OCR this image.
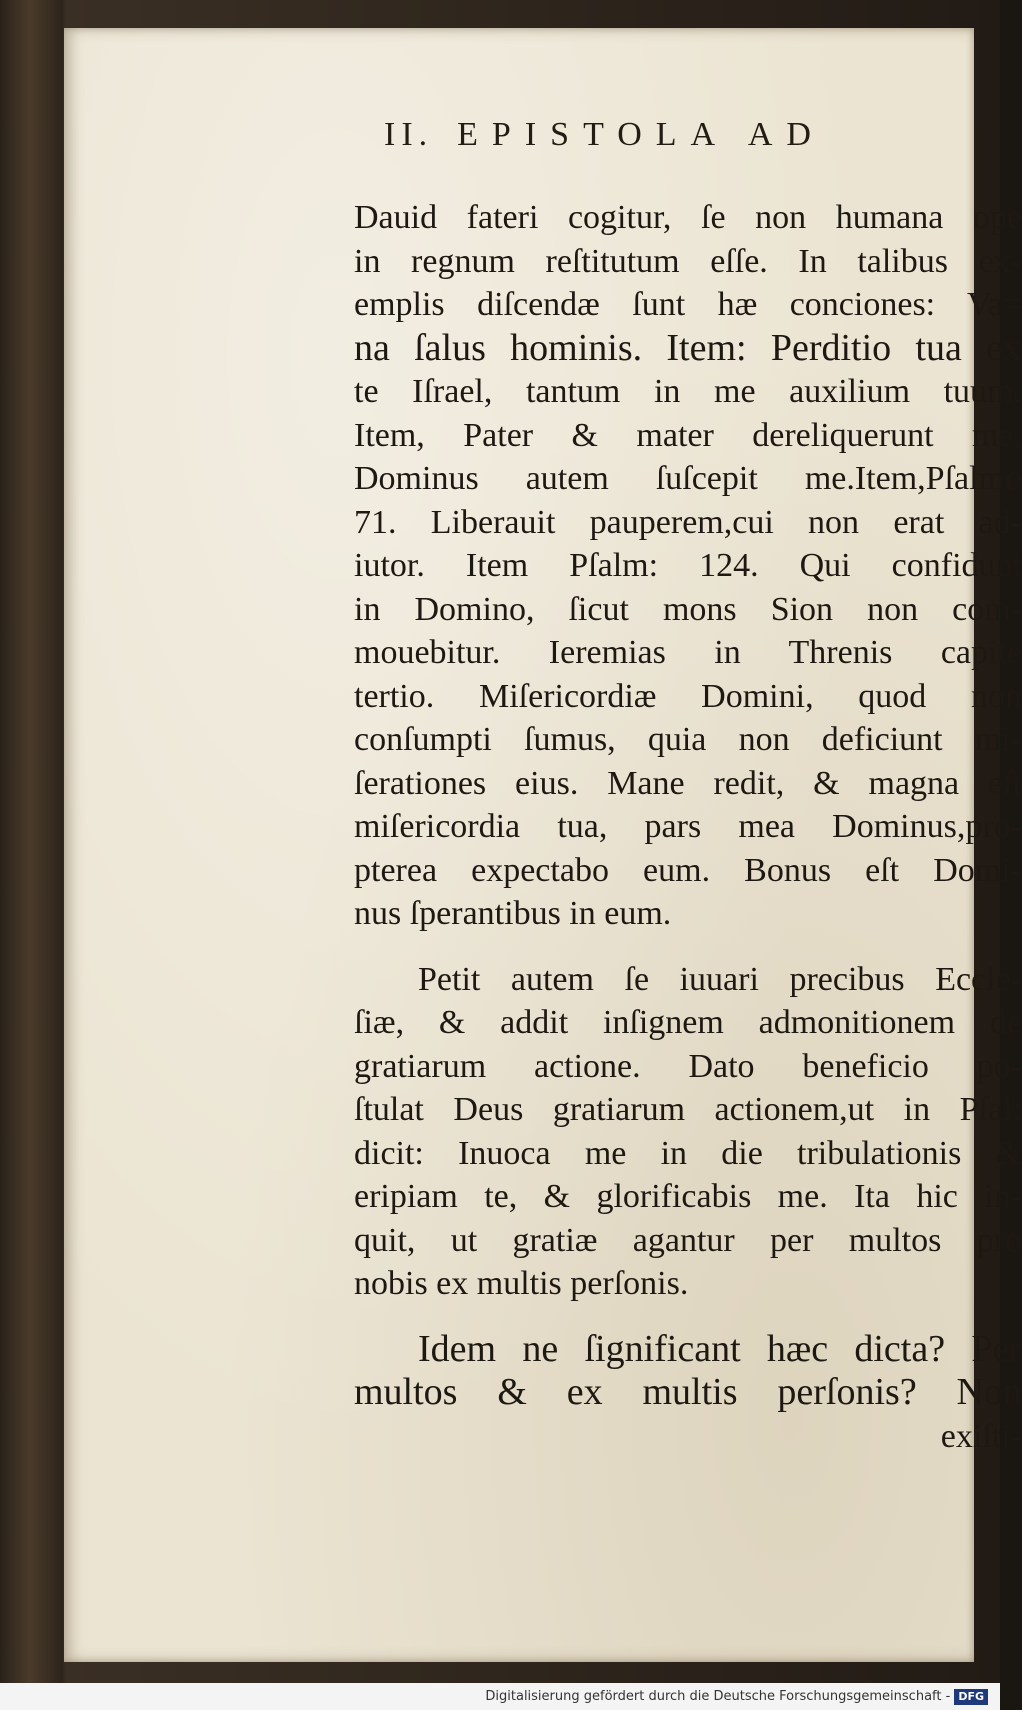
II. EPISTOLA AD
Dauid fateri cogitur, ſe non humana ope
in regnum reſtitutum eſſe. In talibus ex-
emplis diſcendæ ſunt hæ conciones: Va=
na ſalus hominis. Item: Perditio tua ex
te Iſrael, tantum in me auxilium tuum.
Item, Pater & mater dereliquerunt me,
Dominus autem ſuſcepit me.Item,Pſalmo
71. Liberauit pauperem,cui non erat ad-
iutor. Item Pſalm: 124. Qui confidunt
in Domino, ſicut mons Sion non com-
mouebitur. Ieremias in Threnis capite
tertio. Miſericordiæ Domini, quod non
conſumpti ſumus, quia non deficiunt mi-
ſerationes eius. Mane redit, & magna eſt
miſericordia tua, pars mea Dominus,pro-
pterea expectabo eum. Bonus eſt Domi-
nus ſperantibus in eum.
Petit autem ſe iuuari precibus Eccle-
ſiæ, & addit inſignem admonitionem de
gratiarum actione. Dato beneficio po-
ſtulat Deus gratiarum actionem,ut in Pſal:
dicit: Inuoca me in die tribulationis &
eripiam te, & glorificabis me. Ita hic in-
quit, ut gratiæ agantur per multos pro
nobis ex multis perſonis.
Idem ne ſignificant hæc dicta? Per
multos & ex multis perſonis? Non
exiſti-
Digitalisierung gefördert durch die Deutsche Forschungsgemeinschaft - DFG
